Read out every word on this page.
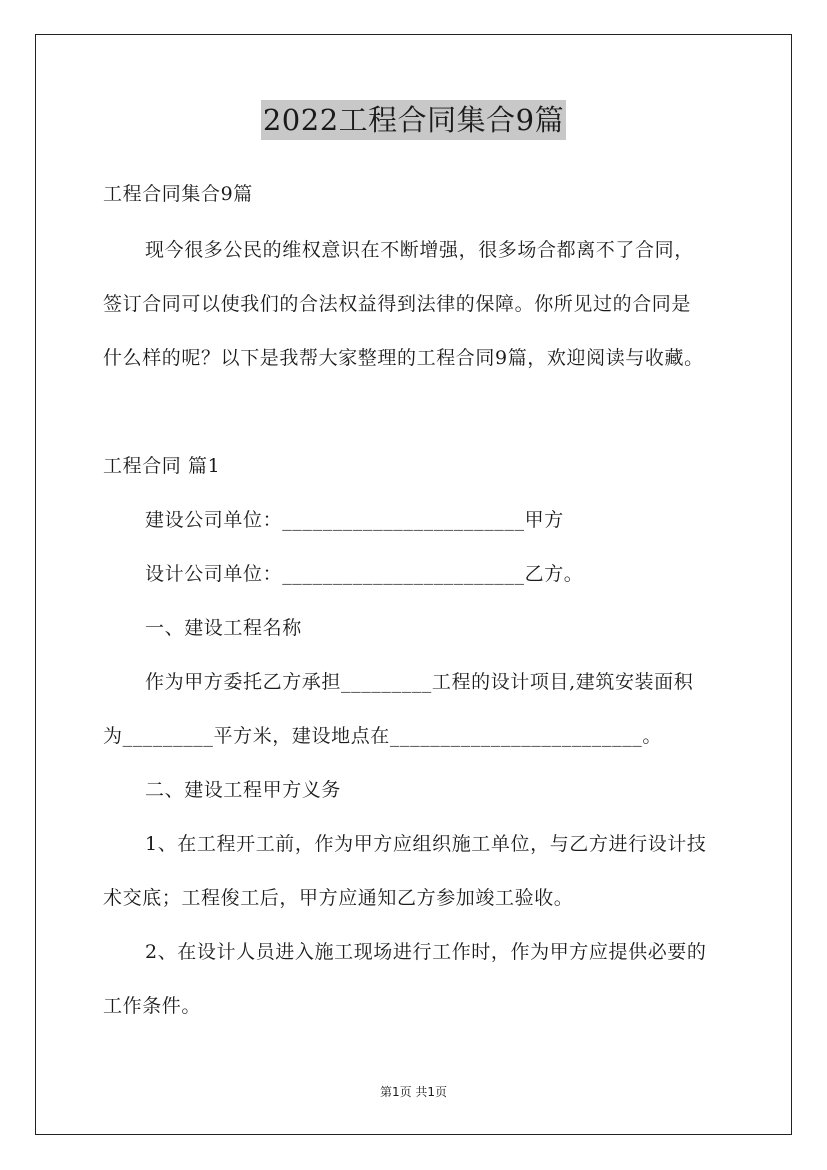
2022工程合同集合9篇
工程合同集合9篇
现今很多公民的维权意识在不断增强，很多场合都离不了合同，
签订合同可以使我们的合法权益得到法律的保障。你所见过的合同是
什么样的呢？以下是我帮大家整理的工程合同9篇，欢迎阅读与收藏。
工程合同 篇1
建设公司单位：________________________甲方
设计公司单位：________________________乙方。
一、建设工程名称
作为甲方委托乙方承担_________工程的设计项目,建筑安装面积
为_________平方米，建设地点在_________________________。
二、建设工程甲方义务
1、在工程开工前，作为甲方应组织施工单位，与乙方进行设计技
术交底；工程俊工后，甲方应通知乙方参加竣工验收。
2、在设计人员进入施工现场进行工作时，作为甲方应提供必要的
工作条件。
第1页 共1页
